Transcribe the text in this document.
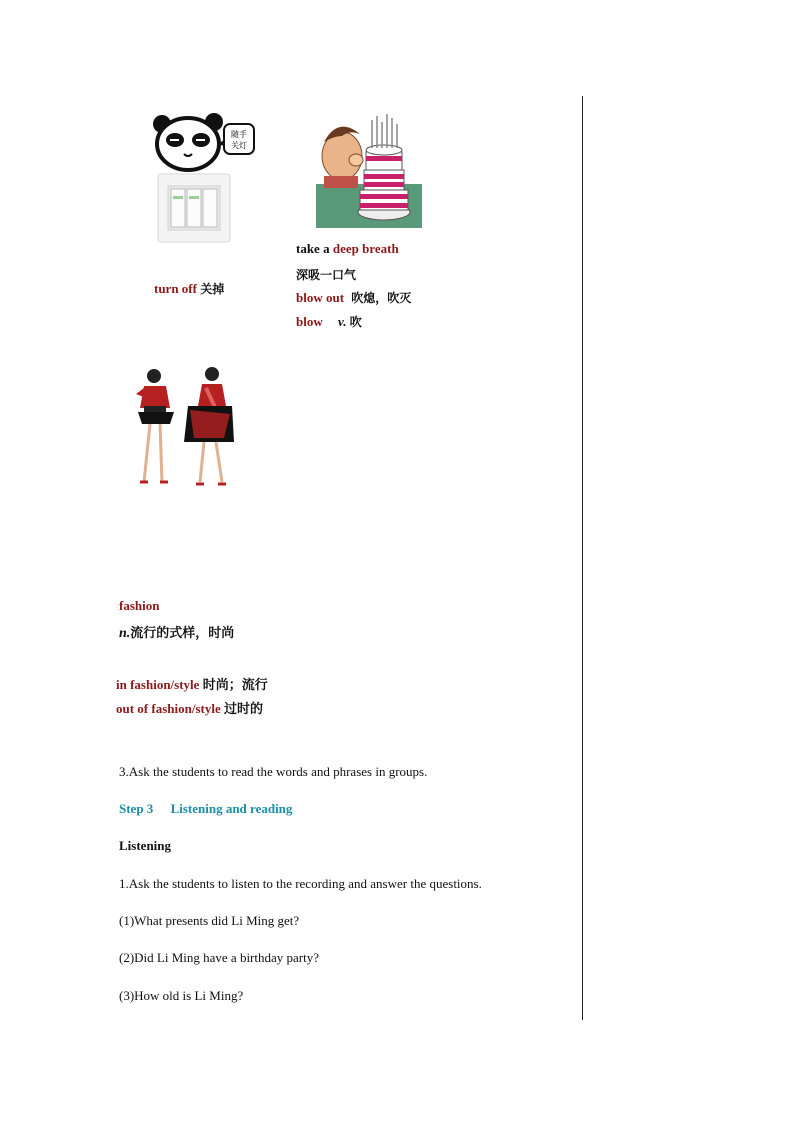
随手
关灯
turn off 关掉
take a deep breath
深吸一口气
blow out 吹熄，吹灭
blow v. 吹
fashion
n.流行的式样，时尚
in fashion/style 时尚；流行
out of fashion/style 过时的
3.Ask the students to read the words and phrases in groups.
Step 3 Listening and reading
Listening
1.Ask the students to listen to the recording and answer the questions.
(1)What presents did Li Ming get?
(2)Did Li Ming have a birthday party?
(3)How old is Li Ming?
